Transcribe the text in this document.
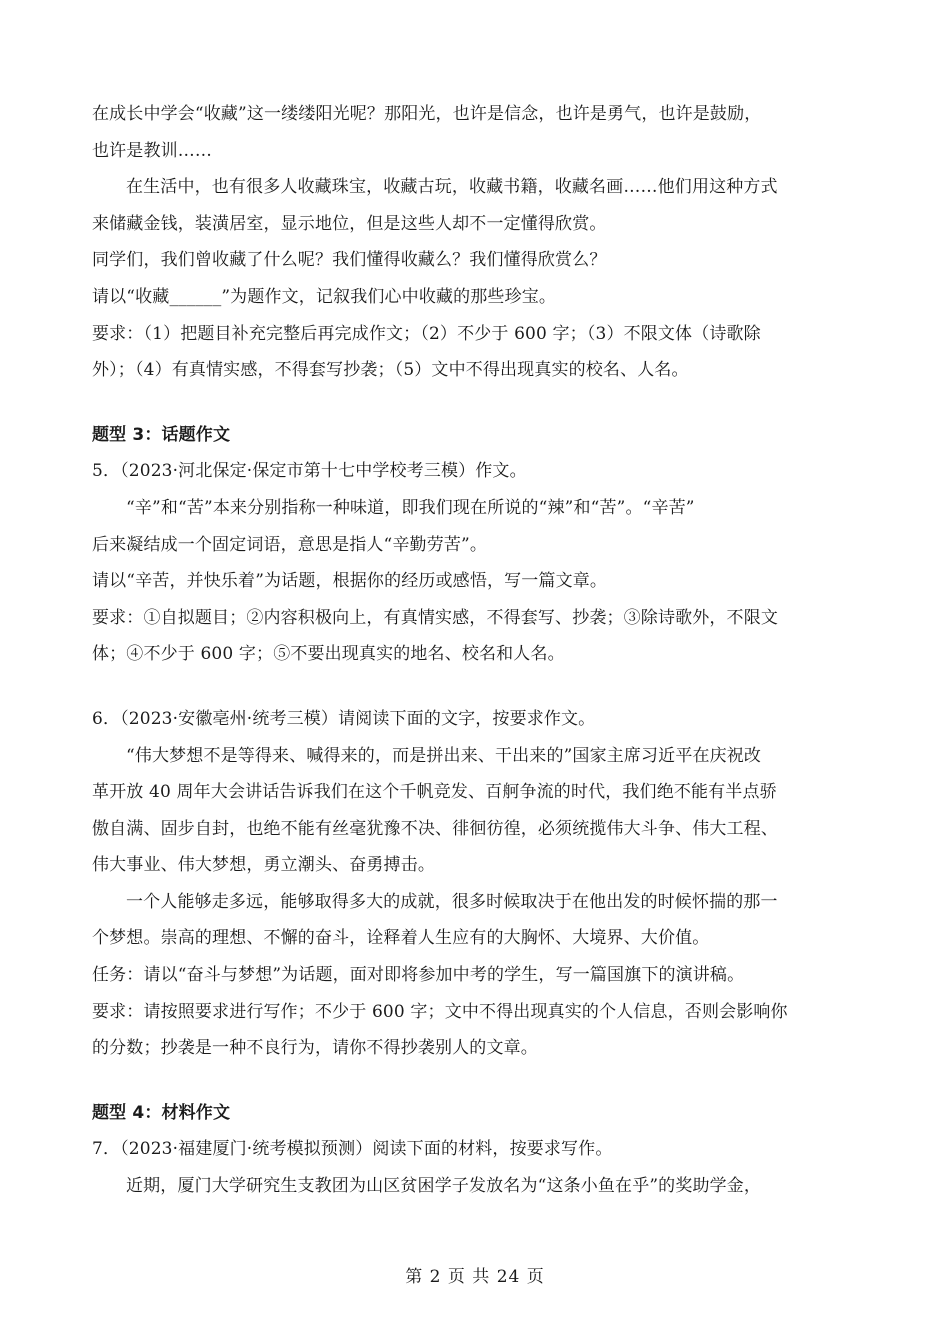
在成长中学会“收藏”这一缕缕阳光呢？那阳光，也许是信念，也许是勇气，也许是鼓励，
也许是教训……
在生活中，也有很多人收藏珠宝，收藏古玩，收藏书籍，收藏名画……他们用这种方式
来储藏金钱，装潢居室，显示地位，但是这些人却不一定懂得欣赏。
同学们，我们曾收藏了什么呢？我们懂得收藏么？我们懂得欣赏么？
请以“收藏______”为题作文，记叙我们心中收藏的那些珍宝。
要求：（1）把题目补充完整后再完成作文；（2）不少于 600 字；（3）不限文体（诗歌除
外）；（4）有真情实感，不得套写抄袭；（5）文中不得出现真实的校名、人名。
题型 3：话题作文
5．（2023·河北保定·保定市第十七中学校考三模）作文。
“辛”和“苦”本来分别指称一种味道，即我们现在所说的“辣”和“苦”。“辛苦”
后来凝结成一个固定词语，意思是指人“辛勤劳苦”。
请以“辛苦，并快乐着”为话题，根据你的经历或感悟，写一篇文章。
要求：①自拟题目；②内容积极向上，有真情实感，不得套写、抄袭；③除诗歌外，不限文
体；④不少于 600 字；⑤不要出现真实的地名、校名和人名。
6．（2023·安徽亳州·统考三模）请阅读下面的文字，按要求作文。
“伟大梦想不是等得来、喊得来的，而是拼出来、干出来的”国家主席习近平在庆祝改
革开放 40 周年大会讲话告诉我们在这个千帆竞发、百舸争流的时代，我们绝不能有半点骄
傲自满、固步自封，也绝不能有丝毫犹豫不决、徘徊彷徨，必须统揽伟大斗争、伟大工程、
伟大事业、伟大梦想，勇立潮头、奋勇搏击。
一个人能够走多远，能够取得多大的成就，很多时候取决于在他出发的时候怀揣的那一
个梦想。崇高的理想、不懈的奋斗，诠释着人生应有的大胸怀、大境界、大价值。
任务：请以“奋斗与梦想”为话题，面对即将参加中考的学生，写一篇国旗下的演讲稿。
要求：请按照要求进行写作；不少于 600 字；文中不得出现真实的个人信息，否则会影响你
的分数；抄袭是一种不良行为，请你不得抄袭别人的文章。
题型 4：材料作文
7．（2023·福建厦门·统考模拟预测）阅读下面的材料，按要求写作。
近期，厦门大学研究生支教团为山区贫困学子发放名为“这条小鱼在乎”的奖助学金，
第 2 页 共 24 页
